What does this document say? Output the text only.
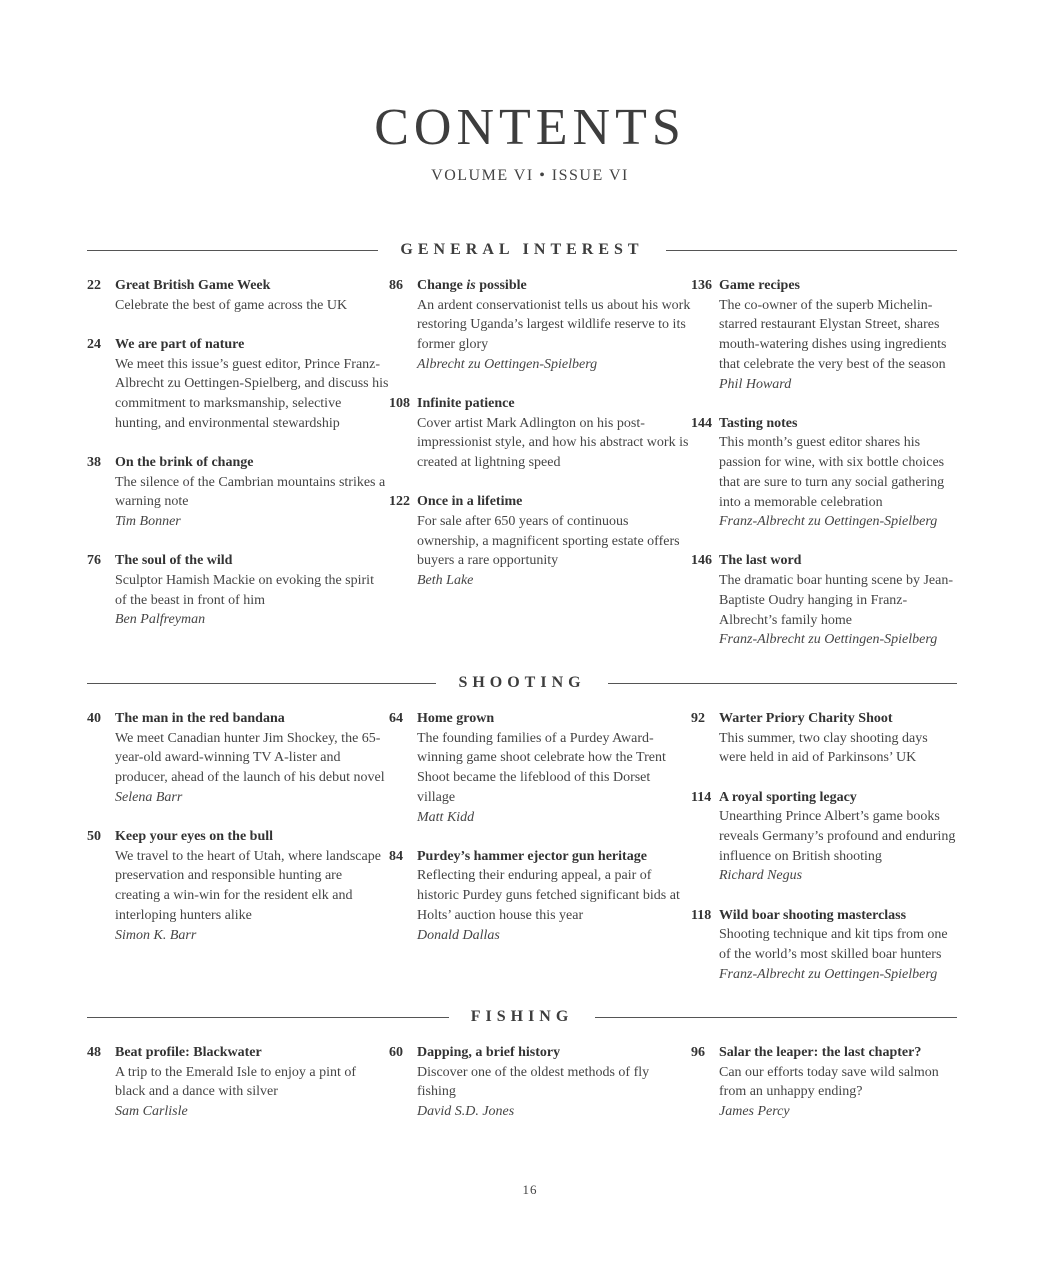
CONTENTS
VOLUME VI • ISSUE VI
GENERAL INTEREST
22	Great British Game Week
Celebrate the best of game across the UK
24	We are part of nature
We meet this issue’s guest editor, Prince Franz-Albrecht zu Oettingen-Spielberg, and discuss his commitment to marksmanship, selective hunting, and environmental stewardship
38	On the brink of change
The silence of the Cambrian mountains strikes a warning note
Tim Bonner
76	The soul of the wild
Sculptor Hamish Mackie on evoking the spirit of the beast in front of him
Ben Palfreyman
86	Change is possible
An ardent conservationist tells us about his work restoring Uganda’s largest wildlife reserve to its former glory
Albrecht zu Oettingen-Spielberg
108 Infinite patience
Cover artist Mark Adlington on his post-impressionist style, and how his abstract work is created at lightning speed
122 Once in a lifetime
For sale after 650 years of continuous ownership, a magnificent sporting estate offers buyers a rare opportunity
Beth Lake
136 Game recipes
The co-owner of the superb Michelin-starred restaurant Elystan Street, shares mouth-watering dishes using ingredients that celebrate the very best of the season
Phil Howard
144 Tasting notes
This month’s guest editor shares his passion for wine, with six bottle choices that are sure to turn any social gathering into a memorable celebration
Franz-Albrecht zu Oettingen-Spielberg
146 The last word
The dramatic boar hunting scene by Jean-Baptiste Oudry hanging in Franz-Albrecht’s family home
Franz-Albrecht zu Oettingen-Spielberg
SHOOTING
40	The man in the red bandana
We meet Canadian hunter Jim Shockey, the 65-year-old award-winning TV A-lister and producer, ahead of the launch of his debut novel
Selena Barr
50	Keep your eyes on the bull
We travel to the heart of Utah, where landscape preservation and responsible hunting are creating a win-win for the resident elk and interloping hunters alike
Simon K. Barr
64	Home grown
The founding families of a Purdey Award-winning game shoot celebrate how the Trent Shoot became the lifeblood of this Dorset village
Matt Kidd
84	Purdey’s hammer ejector gun heritage
Reflecting their enduring appeal, a pair of historic Purdey guns fetched significant bids at Holts’ auction house this year
Donald Dallas
92	Warter Priory Charity Shoot
This summer, two clay shooting days were held in aid of Parkinsons’ UK
114 A royal sporting legacy
Unearthing Prince Albert’s game books reveals Germany’s profound and enduring influence on British shooting
Richard Negus
118 Wild boar shooting masterclass
Shooting technique and kit tips from one of the world’s most skilled boar hunters
Franz-Albrecht zu Oettingen-Spielberg
FISHING
48	Beat profile: Blackwater
A trip to the Emerald Isle to enjoy a pint of black and a dance with silver
Sam Carlisle
60	Dapping, a brief history
Discover one of the oldest methods of fly fishing
David S.D. Jones
96	Salar the leaper: the last chapter?
Can our efforts today save wild salmon from an unhappy ending?
James Percy
16
